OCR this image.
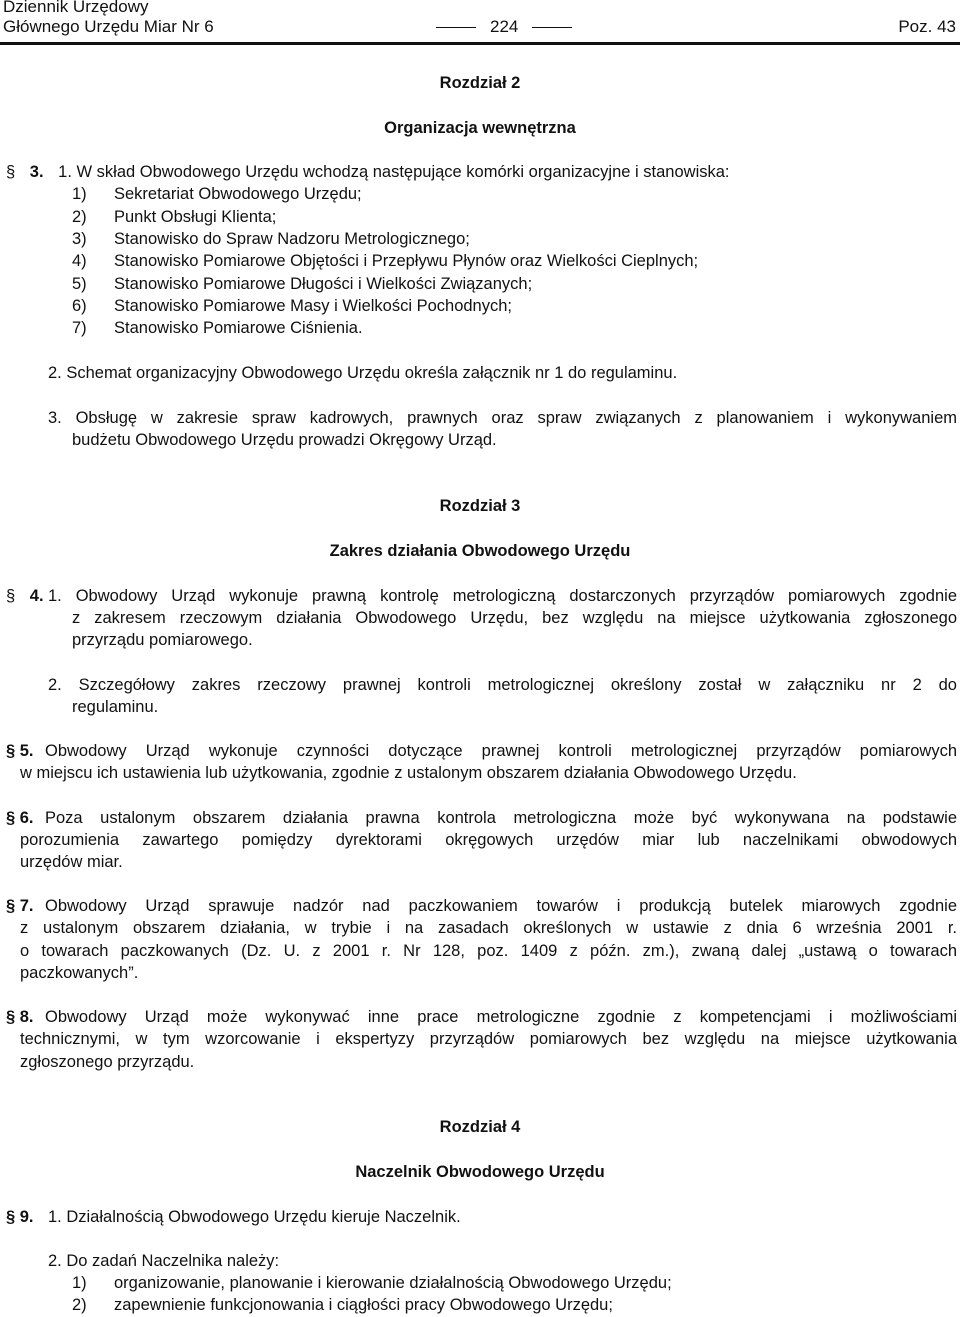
Dziennik Urzędowy
Głównego Urzędu Miar Nr 6	224	Poz. 43
Rozdział 2
Organizacja wewnętrzna
§ 3. 1. W skład Obwodowego Urzędu wchodzą następujące komórki organizacyjne i stanowiska:
1) Sekretariat Obwodowego Urzędu;
2) Punkt Obsługi Klienta;
3) Stanowisko do Spraw Nadzoru Metrologicznego;
4) Stanowisko Pomiarowe Objętości i Przepływu Płynów oraz Wielkości Cieplnych;
5) Stanowisko Pomiarowe Długości i Wielkości Związanych;
6) Stanowisko Pomiarowe Masy i Wielkości Pochodnych;
7) Stanowisko Pomiarowe Ciśnienia.
2. Schemat organizacyjny Obwodowego Urzędu określa załącznik nr 1 do regulaminu.
3. Obsługę w zakresie spraw kadrowych, prawnych oraz spraw związanych z planowaniem i wykonywaniem
budżetu Obwodowego Urzędu prowadzi Okręgowy Urząd.
Rozdział 3
Zakres działania Obwodowego Urzędu
§ 4. 1. Obwodowy Urząd wykonuje prawną kontrolę metrologiczną dostarczonych przyrządów pomiarowych zgodnie
z zakresem rzeczowym działania Obwodowego Urzędu, bez względu na miejsce użytkowania zgłoszonego
przyrządu pomiarowego.
2. Szczegółowy zakres rzeczowy prawnej kontroli metrologicznej określony został w załączniku nr 2 do
regulaminu.
§ 5. Obwodowy Urząd wykonuje czynności dotyczące prawnej kontroli metrologicznej przyrządów pomiarowych
w miejscu ich ustawienia lub użytkowania, zgodnie z ustalonym obszarem działania Obwodowego Urzędu.
§ 6. Poza ustalonym obszarem działania prawna kontrola metrologiczna może być wykonywana na podstawie
porozumienia zawartego pomiędzy dyrektorami okręgowych urzędów miar lub naczelnikami obwodowych
urzędów miar.
§ 7. Obwodowy Urząd sprawuje nadzór nad paczkowaniem towarów i produkcją butelek miarowych zgodnie
z ustalonym obszarem działania, w trybie i na zasadach określonych w ustawie z dnia 6 września 2001 r.
o towarach paczkowanych (Dz. U. z 2001 r. Nr 128, poz. 1409 z późn. zm.), zwaną dalej „ustawą o towarach
paczkowanych”.
§ 8. Obwodowy Urząd może wykonywać inne prace metrologiczne zgodnie z kompetencjami i możliwościami
technicznymi, w tym wzorcowanie i ekspertyzy przyrządów pomiarowych bez względu na miejsce użytkowania
zgłoszonego przyrządu.
Rozdział 4
Naczelnik Obwodowego Urzędu
§ 9. 1. Działalnością Obwodowego Urzędu kieruje Naczelnik.
2. Do zadań Naczelnika należy:
1) organizowanie, planowanie i kierowanie działalnością Obwodowego Urzędu;
2) zapewnienie funkcjonowania i ciągłości pracy Obwodowego Urzędu;
